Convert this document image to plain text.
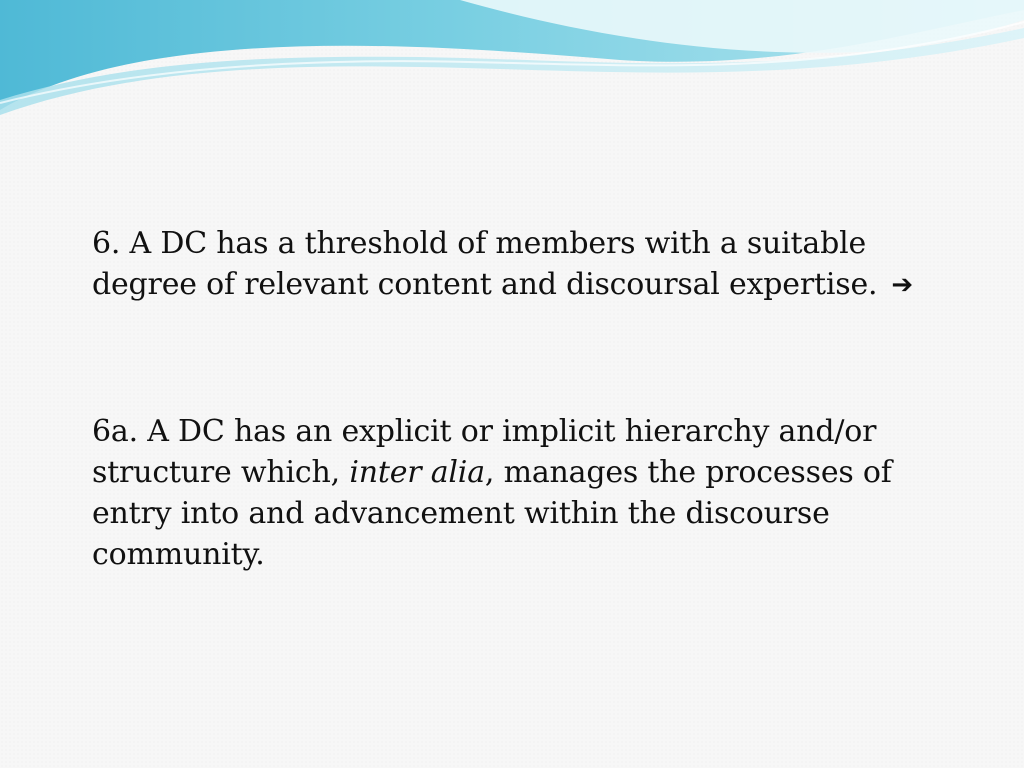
6. A DC has a threshold of members with a suitable degree of relevant content and discoursal expertise. ➔
6a. A DC has an explicit or implicit hierarchy and/or structure which, inter alia, manages the processes of entry into and advancement within the discourse community.
